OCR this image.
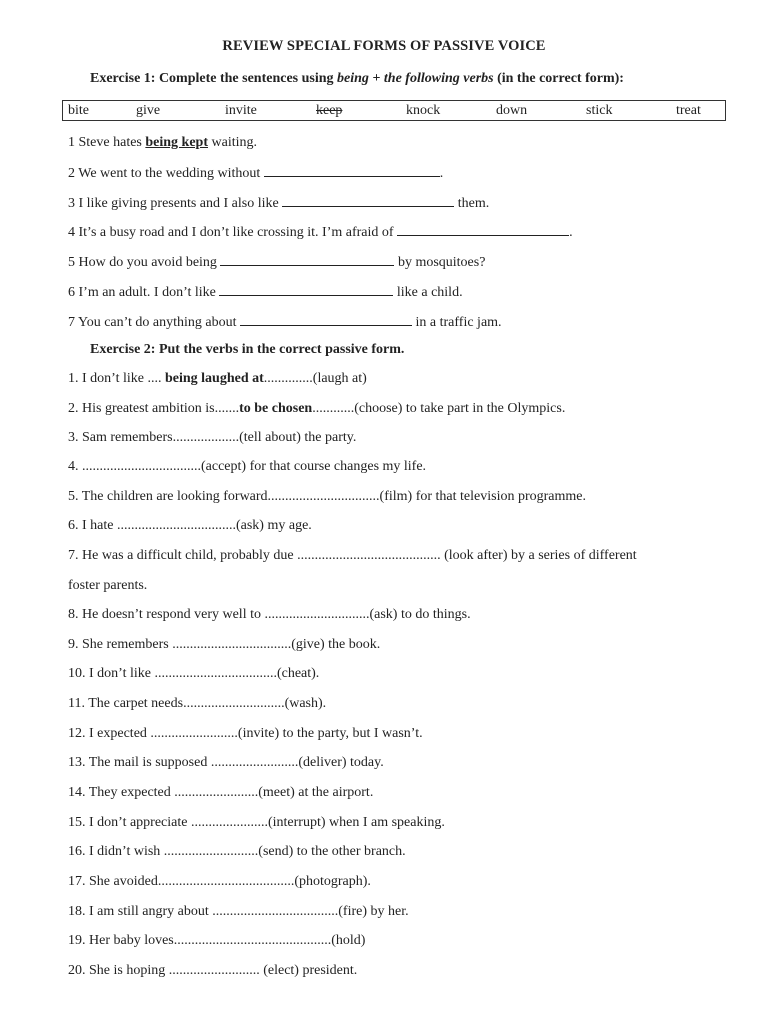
REVIEW SPECIAL FORMS OF PASSIVE VOICE
Exercise 1: Complete the sentences using being + the following verbs (in the correct form):
bite	give	invite	keep	knock	down	stick	treat
1 Steve hates being kept waiting.
2 We went to the wedding without	.
3 I like giving presents and I also like	them.
4 It’s a busy road and I don’t like crossing it. I’m afraid of	.
5 How do you avoid being	by mosquitoes?
6 I’m an adult. I don’t like	like a child.
7 You can’t do anything about	in a traffic jam.
Exercise 2: Put the verbs in the correct passive form.
1. I don’t like .... being laughed at..............(laugh at)
2. His greatest ambition is.......to be chosen............(choose) to take part in the Olympics.
3. Sam remembers...................(tell about) the party.
4. ..................................(accept) for that course changes my life.
5. The children are looking forward................................(film) for that television programme.
6. I hate ..................................(ask) my age.
7. He was a difficult child, probably due ......................................... (look after) by a series of different
foster parents.
8. He doesn’t respond very well to ..............................(ask) to do things.
9. She remembers ..................................(give) the book.
10. I don’t like ...................................(cheat).
11. The carpet needs.............................(wash).
12. I expected .........................(invite) to the party, but I wasn’t.
13. The mail is supposed .........................(deliver) today.
14. They expected ........................(meet) at the airport.
15. I don’t appreciate ......................(interrupt) when I am speaking.
16. I didn’t wish ...........................(send) to the other branch.
17. She avoided.......................................(photograph).
18. I am still angry about ....................................(fire) by her.
19. Her baby loves.............................................(hold)
20. She is hoping .......................... (elect) president.
